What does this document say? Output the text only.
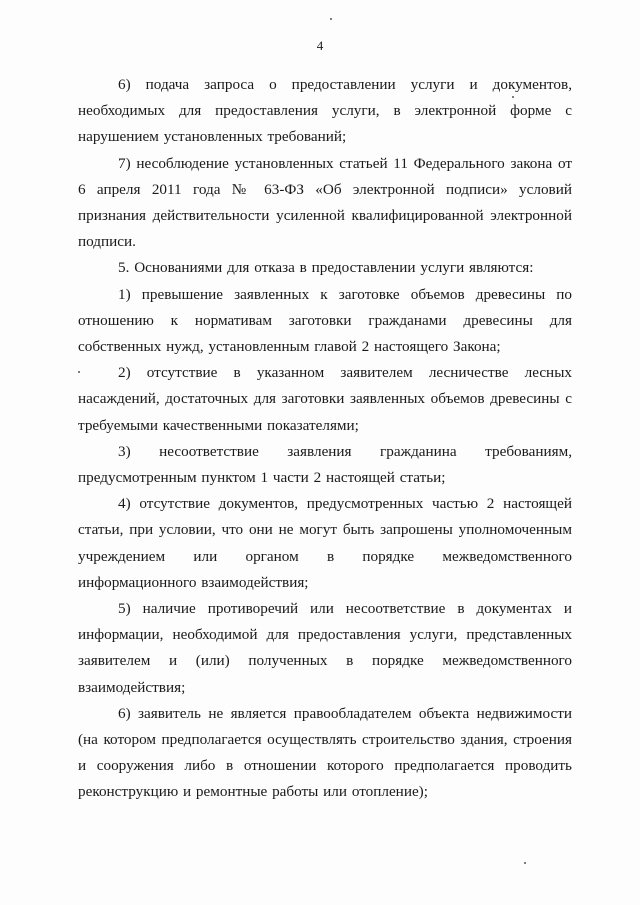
4

6) подача запроса о предоставлении услуги и документов, необходимых для предоставления услуги, в электронной форме с нарушением установленных требований;

7) несоблюдение установленных статьей 11 Федерального закона от 6 апреля 2011 года № 63-ФЗ «Об электронной подписи» условий признания действительности усиленной квалифицированной электронной подписи.

5. Основаниями для отказа в предоставлении услуги являются:

1) превышение заявленных к заготовке объемов древесины по отношению к нормативам заготовки гражданами древесины для собственных нужд, установленным главой 2 настоящего Закона;

2) отсутствие в указанном заявителем лесничестве лесных насаждений, достаточных для заготовки заявленных объемов древесины с требуемыми качественными показателями;

3) несоответствие заявления гражданина требованиям, предусмотренным пунктом 1 части 2 настоящей статьи;

4) отсутствие документов, предусмотренных частью 2 настоящей статьи, при условии, что они не могут быть запрошены уполномоченным учреждением или органом в порядке межведомственного информационного взаимодействия;

5) наличие противоречий или несоответствие в документах и информации, необходимой для предоставления услуги, представленных заявителем и (или) полученных в порядке межведомственного взаимодействия;

6) заявитель не является правообладателем объекта недвижимости (на котором предполагается осуществлять строительство здания, строения и сооружения либо в отношении которого предполагается проводить реконструкцию и ремонтные работы или отопление);
